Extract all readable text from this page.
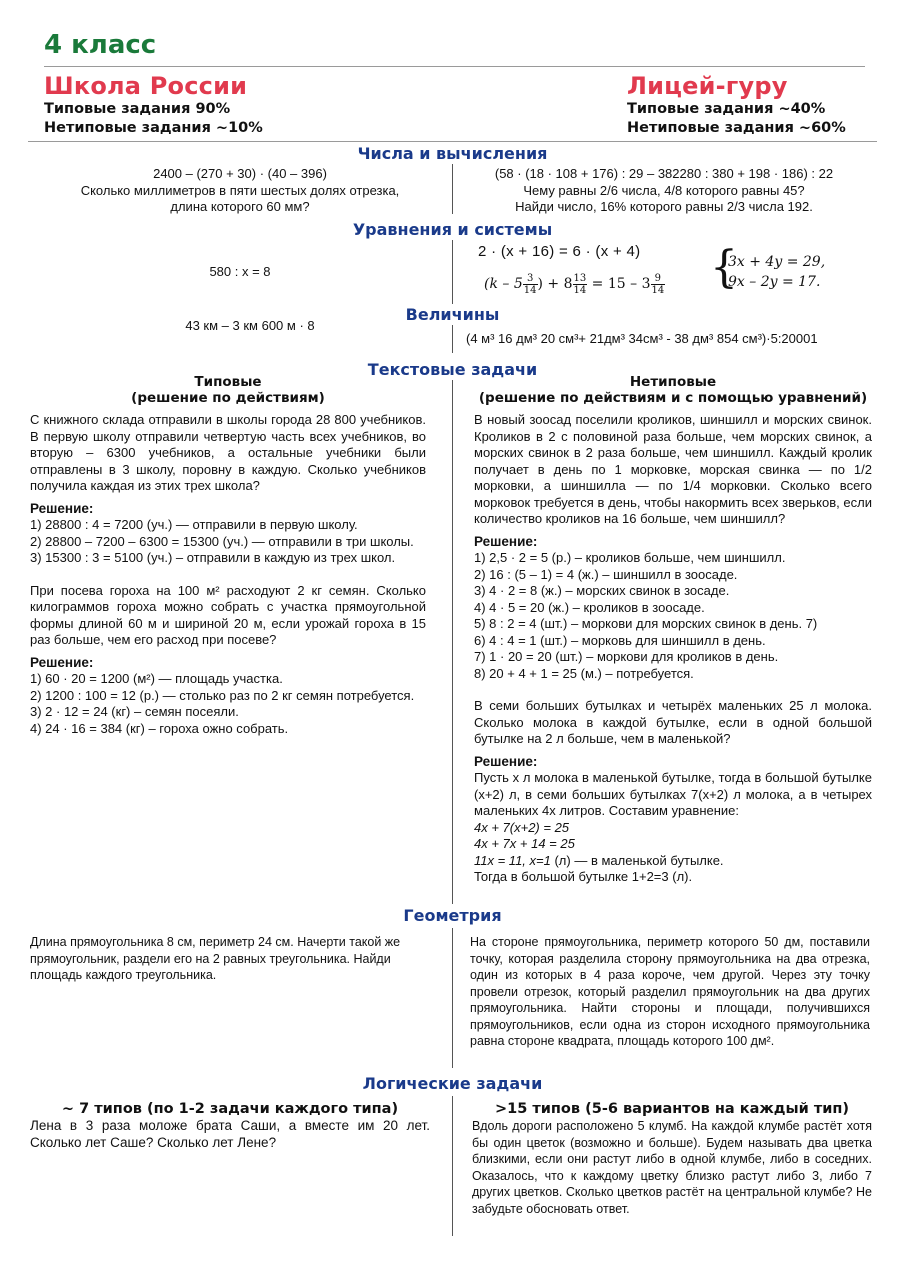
4 класс
Школа России
Типовые задания 90%
Нетиповые задания ~10%
Лицей-гуру
Типовые задания ~40%
Нетиповые задания ~60%
Числа и вычисления

2400 – (270 + 30) · (40 – 396)

Сколько миллиметров в пяти шестых долях отрезка,

длина которого 60 мм?

(58 · (18 · 108 + 176) : 29 – 382280 : 380 + 198 · 186) : 22

Чему равны 2/6 числа, 4/8 которого равны 45?

Найди число, 16% которого равны 2/3 числа 192.

Уравнения и системы
580 : х = 8
2 · (x + 16) = 6 · (x + 4)
($k - 5 \frac{3}{14}$ ) + $8 \frac{13}{14} = 15 - 3 \frac{9}{14}$ {

3x + 4y = 29,

9x – 2y = 17.

Величины
43 км – 3 км 600 м · 8
(4 м³ 16 дм³ 20 см³+ 21дм³ 34см³ - 38 дм³ 854 см³)·5:20001
Текстовые задачи
Типовые
(решение по действиям)

С книжного склада отправили в школы города 28 800 учебников. В первую школу отправили четвертую часть всех учебников, во вторую – 6300 учебников, а остальные учебники были отправлены в 3 школу, поровну в каждую. Сколько учебников получила каждая из этих трех школа?

Решение:

1) 28800 : 4 = 7200 (уч.) — отправили в первую школу.

2) 28800 – 7200 – 6300 = 15300 (уч.) — отправили в три школы.

3) 15300 : 3 = 5100 (уч.) – отправили в каждую из трех школ.

При посева гороха на 100 м² расходуют 2 кг семян. Сколько килограммов гороха можно собрать с участка прямоугольной формы длиной 60 м и шириной 20 м, если урожай гороха в 15 раз больше, чем его расход при посеве?

Решение:

1) 60 · 20 = 1200 (м²) — площадь участка.

2) 1200 : 100 = 12 (р.) — столько раз по 2 кг семян потребуется.

3) 2 · 12 = 24 (кг) – семян посеяли.

4) 24 · 16 = 384 (кг) – гороха ожно собрать.

Нетиповые
(решение по действиям и с помощью уравнений)

В новый зоосад поселили кроликов, шиншилл и морских свинок. Кроликов в 2 с половиной раза больше, чем морских свинок, а морских свинок в 2 раза больше, чем шиншилл. Каждый кролик получает в день по 1 морковке, морская свинка — по 1/2 морковки, а шиншилла — по 1/4 морковки. Сколько всего морковок требуется в день, чтобы накормить всех зверьков, если количество кроликов на 16 больше, чем шиншилл?

Решение:

1) 2,5 · 2 = 5 (р.) – кроликов больше, чем шиншилл.

2) 16 : (5 – 1) = 4 (ж.) – шиншилл в зоосаде.

3) 4 · 2 = 8 (ж.) – морских свинок в зосаде.

4) 4 · 5 = 20 (ж.) – кроликов в зоосаде.

5) 8 : 2 = 4 (шт.) – моркови для морских свинок в день. 7)

6) 4 : 4 = 1 (шт.) – морковь для шиншилл в день.

7) 1 · 20 = 20 (шт.) – моркови для кроликов в день.

8) 20 + 4 + 1 = 25 (м.) – потребуется.

В семи больших бутылках и четырёх маленьких 25 л молока. Сколько молока в каждой бутылке, если в одной большой бутылке на 2 л больше, чем в маленькой?

Решение:

Пусть х л молока в маленькой бутылке, тогда в большой бутылке (х+2) л, в семи больших бутылках 7(х+2) л молока, а в четырех маленьких 4х литров. Составим уравнение:

4х + 7(х+2) = 25

4х + 7х + 14 = 25

11х = 11, х=1 (л) — в маленькой бутылке.

Тогда в большой бутылке 1+2=3 (л).

Геометрия
Длина прямоугольника 8 см, периметр 24 см. Начерти такой же прямоугольник, раздели его на 2 равных треугольника. Найди площадь каждого треугольника.
На стороне прямоугольника, периметр которого 50 дм, поставили точку, которая разделила сторону прямоугольника на два отрезка, один из которых в 4 раза короче, чем другой. Через эту точку провели отрезок, который разделил прямоугольник на два других прямоугольника. Найти стороны и площади, получившихся прямоугольников, если одна из сторон исходного прямоугольника равна стороне квадрата, площадь которого 100 дм².
Логические задачи
~ 7 типов (по 1-2 задачи каждого типа)

Лена в 3 раза моложе брата Саши, а вместе им 20 лет. Сколько лет Саше? Сколько лет Лене?

>15 типов (5-6 вариантов на каждый тип)

Вдоль дороги расположено 5 клумб. На каждой клумбе растёт хотя бы один цветок (возможно и больше). Будем называть два цветка близкими, если они растут либо в одной клумбе, либо в соседних. Оказалось, что к каждому цветку близко растут либо 3, либо 7 других цветков. Сколько цветков растёт на центральной клумбе? Не забудьте обосновать ответ.
